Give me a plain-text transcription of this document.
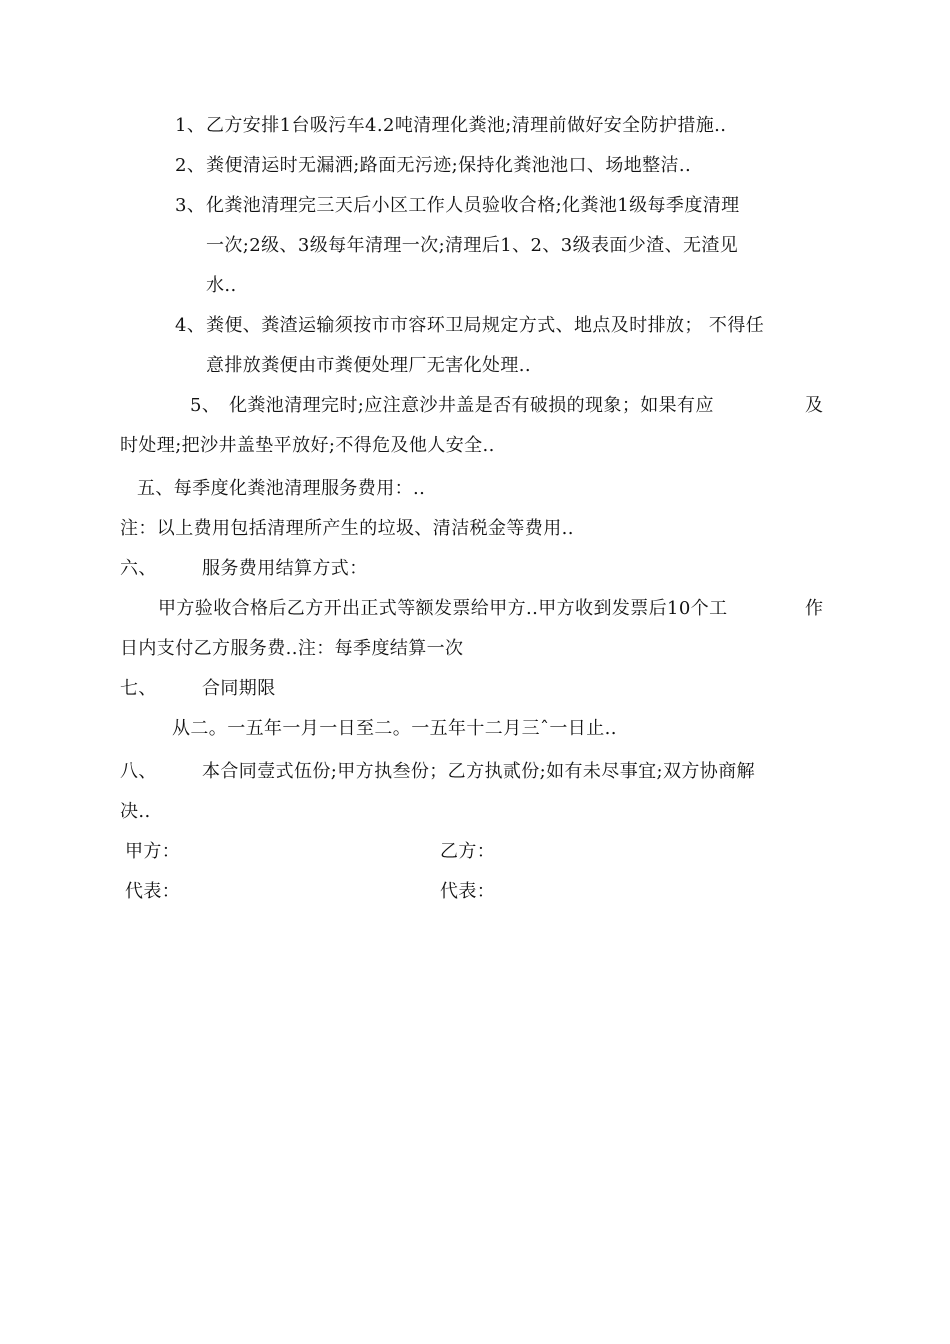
1、 乙方安排1台吸污车4.2吨清理化粪池;清理前做好安全防护措施..
2、 粪便清运时无漏洒;路面无污迹;保持化粪池池口、场地整洁..
3、 化粪池清理完三天后小区工作人员验收合格;化粪池1级每季度清理
一次;2级、3级每年清理一次;清理后1、2、3级表面少渣、无渣见
水..
4、 粪便、粪渣运输须按市市容环卫局规定方式、地点及时排放； 不得任
意排放粪便由市粪便处理厂无害化处理..
5、 化粪池清理完时;应注意沙井盖是否有破损的现象；如果有应	及
时处理;把沙井盖垫平放好;不得危及他人安全..
五、每季度化粪池清理服务费用：..
注：以上费用包括清理所产生的垃圾、清洁税金等费用..
六、	服务费用结算方式：
甲方验收合格后乙方开出正式等额发票给甲方..甲方收到发票后10个工	作
日内支付乙方服务费..注：每季度结算一次
七、	合同期限
从二。一五年一月一日至二。一五年十二月三ˆ一日止..
八、	本合同壹式伍份;甲方执叁份；乙方执贰份;如有未尽事宜;双方协商解
决..
甲方：	乙方：
代表：	代表：
